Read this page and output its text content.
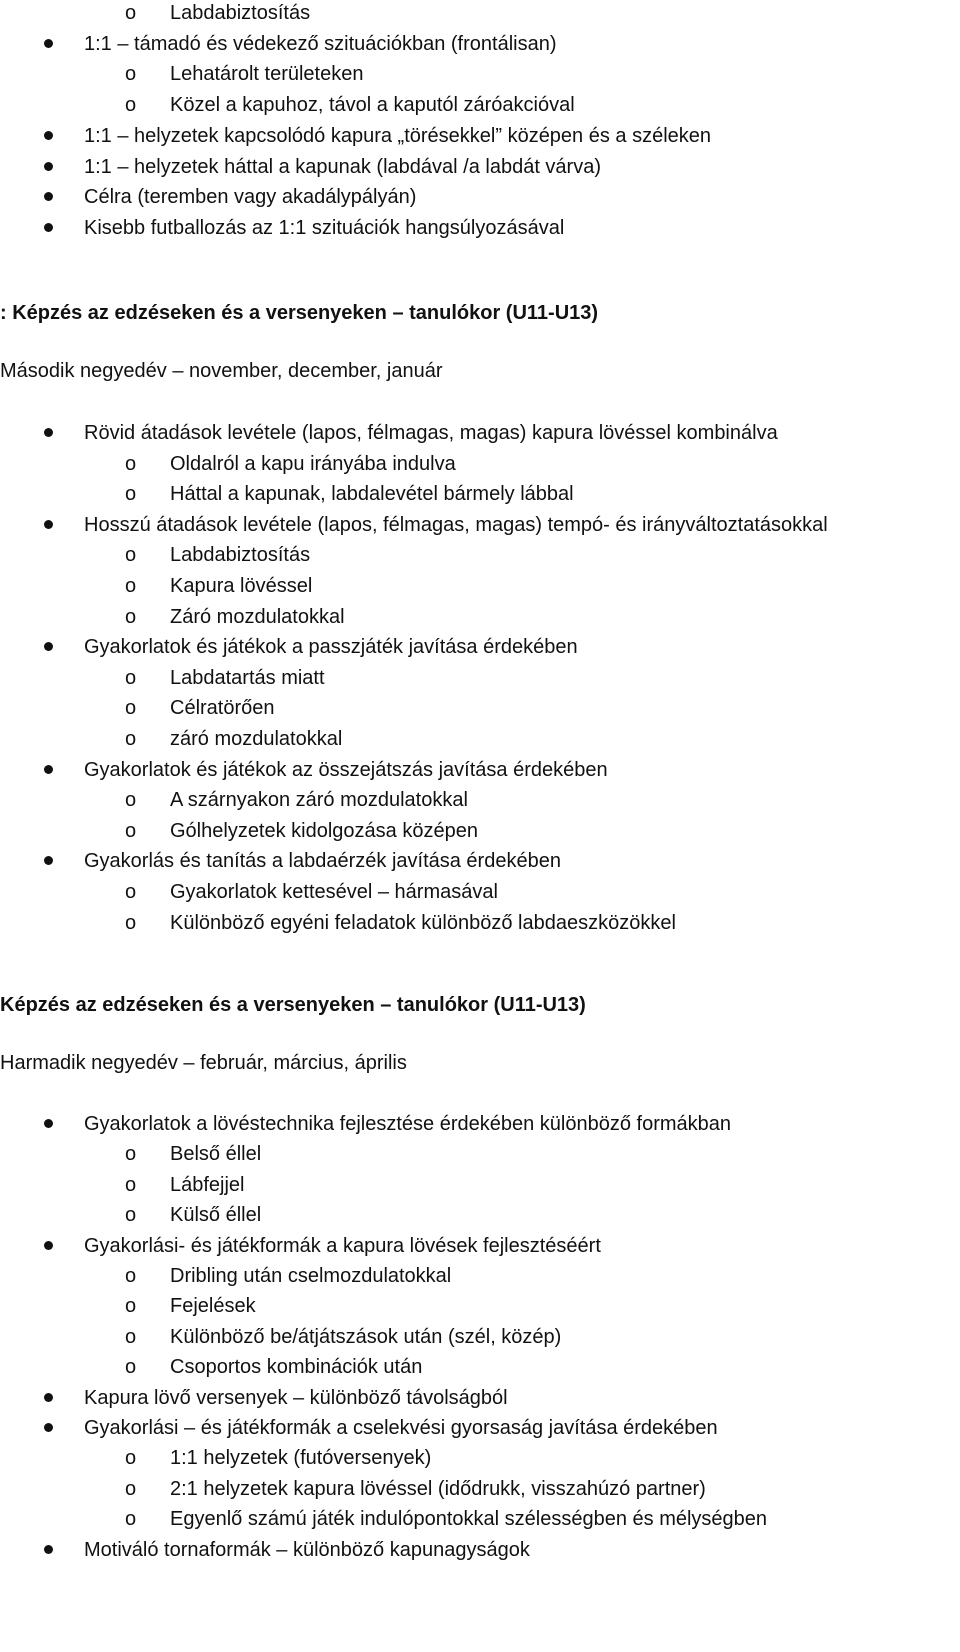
o Labdabiztosítás
1:1 – támadó és védekező szituációkban (frontálisan)
o Lehatárolt területeken
o Közel a kapuhoz, távol a kaputól záróakcióval
1:1 – helyzetek kapcsolódó kapura „törésekkel” középen és a széleken
1:1 – helyzetek háttal a kapunak (labdával /a labdát várva)
Célra (teremben vagy akadálypályán)
Kisebb futballozás az 1:1 szituációk hangsúlyozásával
Rövid átadások levétele (lapos, félmagas, magas) kapura lövéssel kombinálva
o Oldalról a kapu irányába indulva
o Háttal a kapunak, labdalevétel bármely lábbal
Hosszú átadások levétele (lapos, félmagas, magas) tempó- és irányváltoztatásokkal
o Labdabiztosítás
o Kapura lövéssel
o Záró mozdulatokkal
Gyakorlatok és játékok a passzjáték javítása érdekében
o Labdatartás miatt
o Célratörően
o záró mozdulatokkal
Gyakorlatok és játékok az összejátszás javítása érdekében
o A szárnyakon záró mozdulatokkal
o Gólhelyzetek kidolgozása középen
Gyakorlás és tanítás a labdaérzék javítása érdekében
o Gyakorlatok kettesével – hármasával
o Különböző egyéni feladatok különböző labdaeszközökkel
Gyakorlatok a lövéstechnika fejlesztése érdekében különböző formákban
o Belső éllel
o Lábfejjel
o Külső éllel
Gyakorlási- és játékformák a kapura lövések fejlesztéséért
o Dribling után cselmozdulatokkal
o Fejelések
o Különböző be/átjátszások után (szél, közép)
o Csoportos kombinációk után
Kapura lövő versenyek – különböző távolságból
Gyakorlási – és játékformák a cselekvési gyorsaság javítása érdekében
o 1:1 helyzetek (futóversenyek)
o 2:1 helyzetek kapura lövéssel (idődrukk, visszahúzó partner)
o Egyenlő számú játék indulópontokkal szélességben és mélységben
Motiváló tornaformák – különböző kapunagyságok
: Képzés az edzéseken és a versenyeken – tanulókor (U11-U13)
Második negyedév – november, december, január
Képzés az edzéseken és a versenyeken – tanulókor (U11-U13)
Harmadik negyedév – február, március, április
